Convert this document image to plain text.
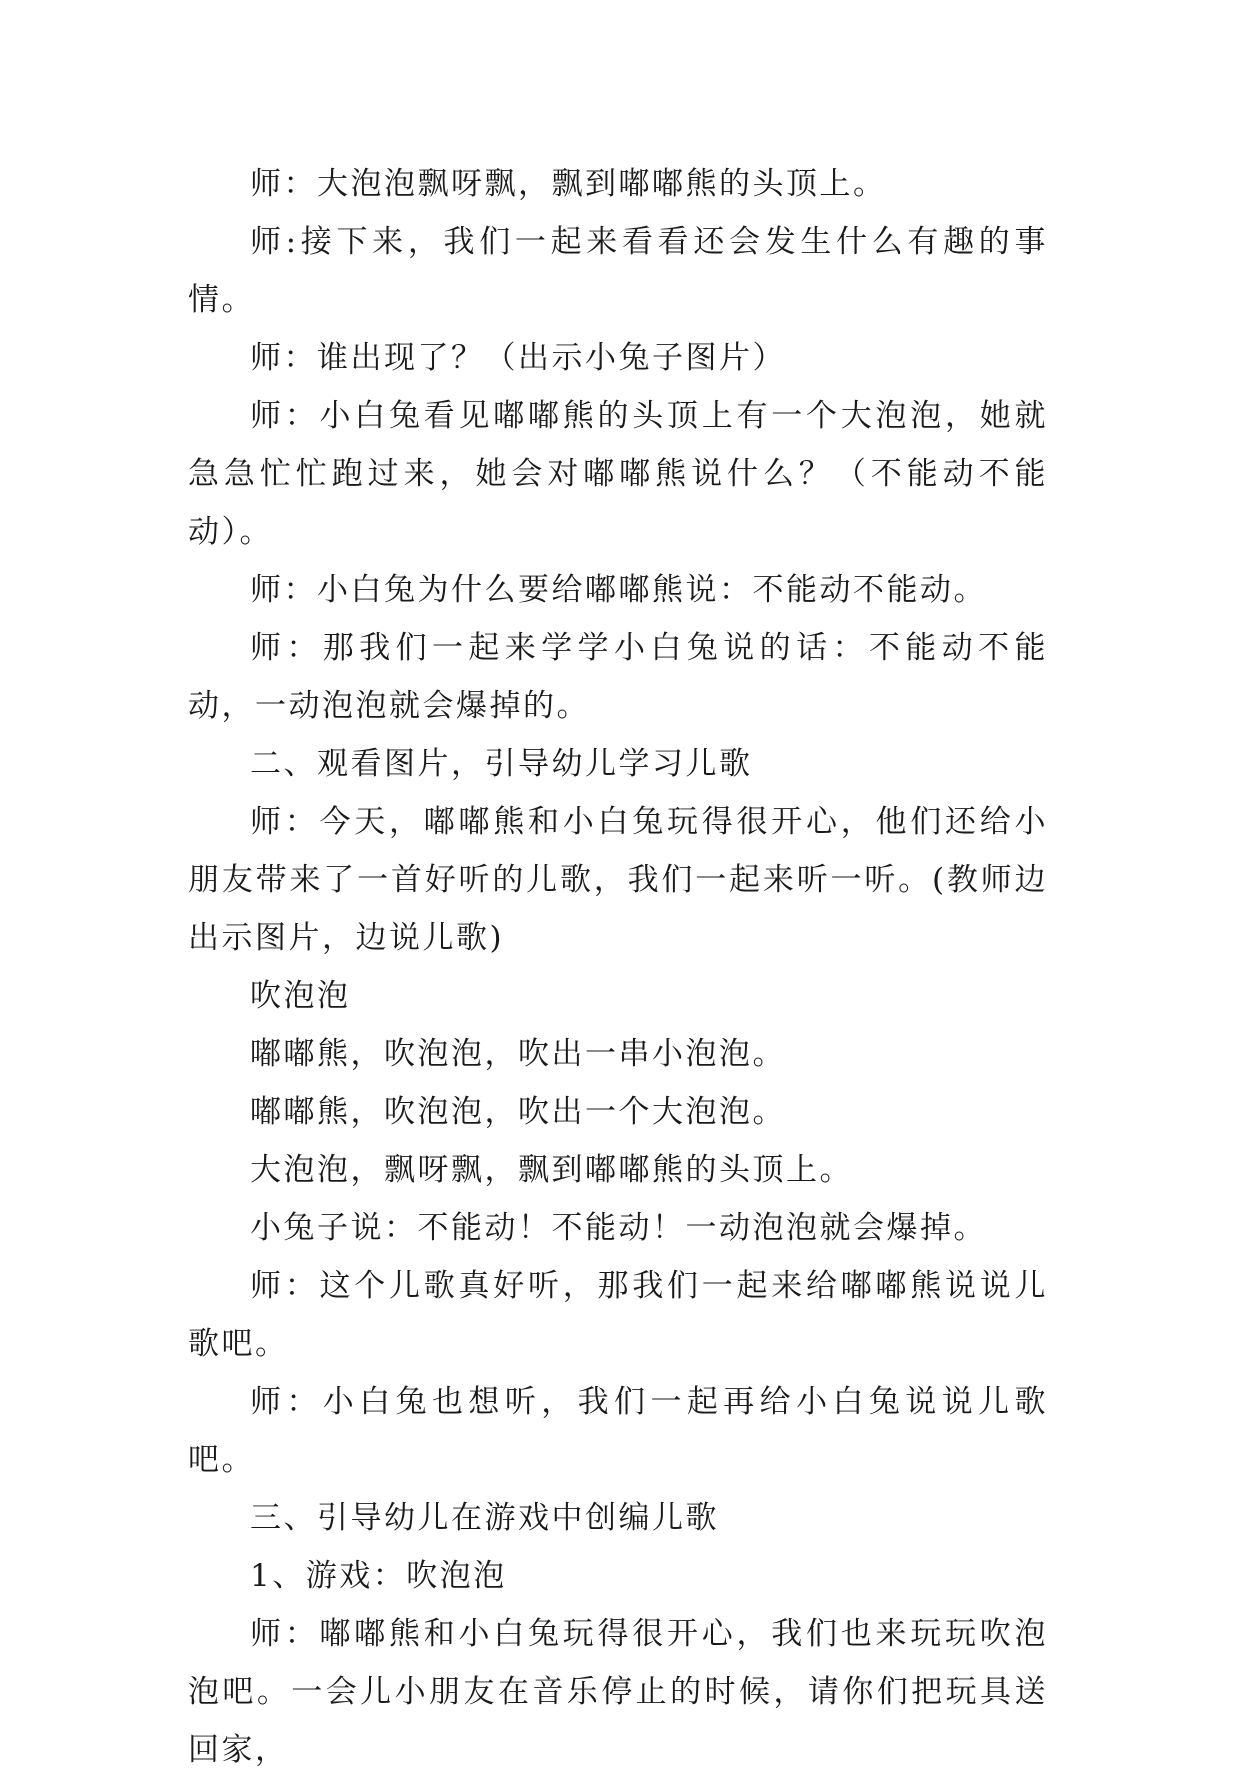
师：大泡泡飘呀飘，飘到嘟嘟熊的头顶上。

师:接下来，我们一起来看看还会发生什么有趣的事情。

师：谁出现了？（出示小兔子图片）

师：小白兔看见嘟嘟熊的头顶上有一个大泡泡，她就急急忙忙跑过来，她会对嘟嘟熊说什么？（不能动不能动）。

师：小白兔为什么要给嘟嘟熊说：不能动不能动。

师：那我们一起来学学小白兔说的话：不能动不能动，一动泡泡就会爆掉的。

二、观看图片，引导幼儿学习儿歌

师：今天，嘟嘟熊和小白兔玩得很开心，他们还给小朋友带来了一首好听的儿歌，我们一起来听一听。(教师边出示图片，边说儿歌)

吹泡泡

嘟嘟熊，吹泡泡，吹出一串小泡泡。

嘟嘟熊，吹泡泡，吹出一个大泡泡。

大泡泡，飘呀飘，飘到嘟嘟熊的头顶上。

小兔子说：不能动！不能动！一动泡泡就会爆掉。

师：这个儿歌真好听，那我们一起来给嘟嘟熊说说儿歌吧。

师：小白兔也想听，我们一起再给小白兔说说儿歌吧。

三、引导幼儿在游戏中创编儿歌

1、游戏：吹泡泡

师：嘟嘟熊和小白兔玩得很开心，我们也来玩玩吹泡泡吧。一会儿小朋友在音乐停止的时候，请你们把玩具送回家，
